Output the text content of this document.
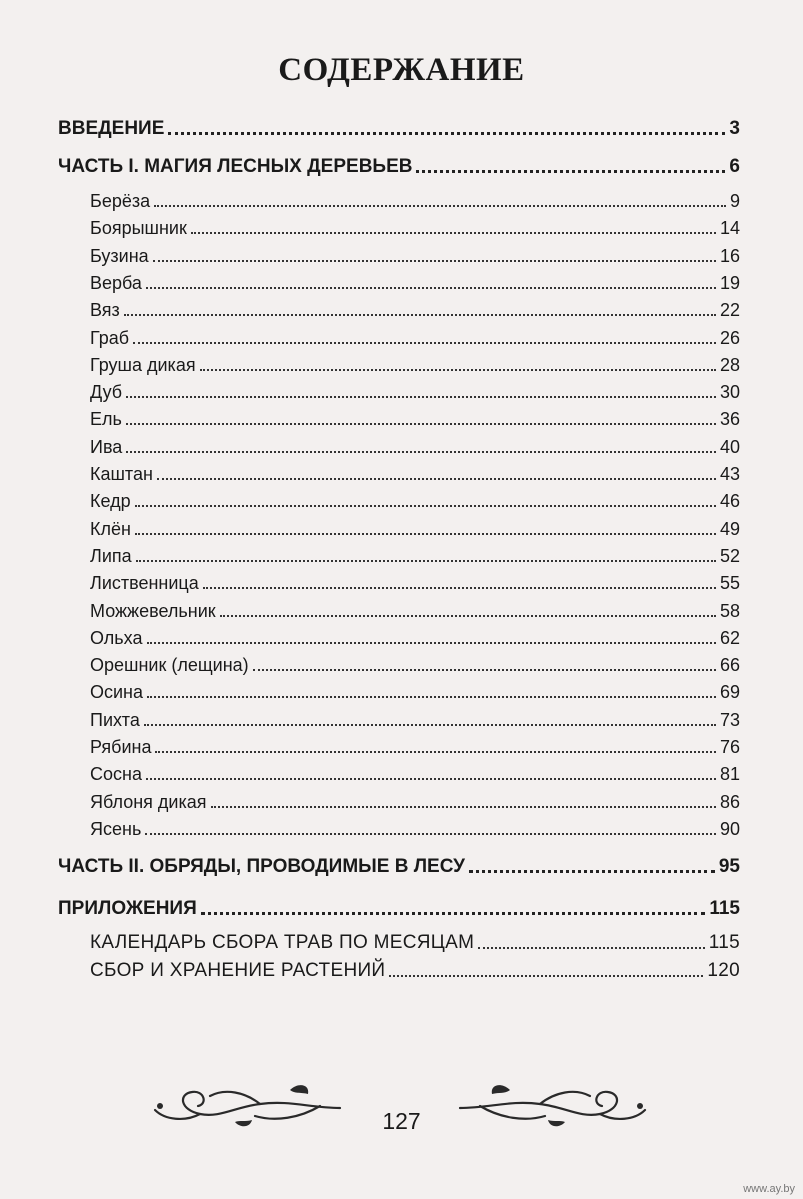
СОДЕРЖАНИЕ
ВВЕДЕНИЕ	3
ЧАСТЬ I. МАГИЯ ЛЕСНЫХ ДЕРЕВЬЕВ	6
Берёза	9
Боярышник	14
Бузина	16
Верба	19
Вяз	22
Граб	26
Груша дикая	28
Дуб	30
Ель	36
Ива	40
Каштан	43
Кедр	46
Клён	49
Липа	52
Лиственница	55
Можжевельник	58
Ольха	62
Орешник (лещина)	66
Осина	69
Пихта	73
Рябина	76
Сосна	81
Яблоня дикая	86
Ясень	90
ЧАСТЬ II. ОБРЯДЫ, ПРОВОДИМЫЕ В ЛЕСУ	95
ПРИЛОЖЕНИЯ	115
КАЛЕНДАРЬ СБОРА ТРАВ ПО МЕСЯЦАМ	115
СБОР И ХРАНЕНИЕ РАСТЕНИЙ	120
127
www.ay.by
